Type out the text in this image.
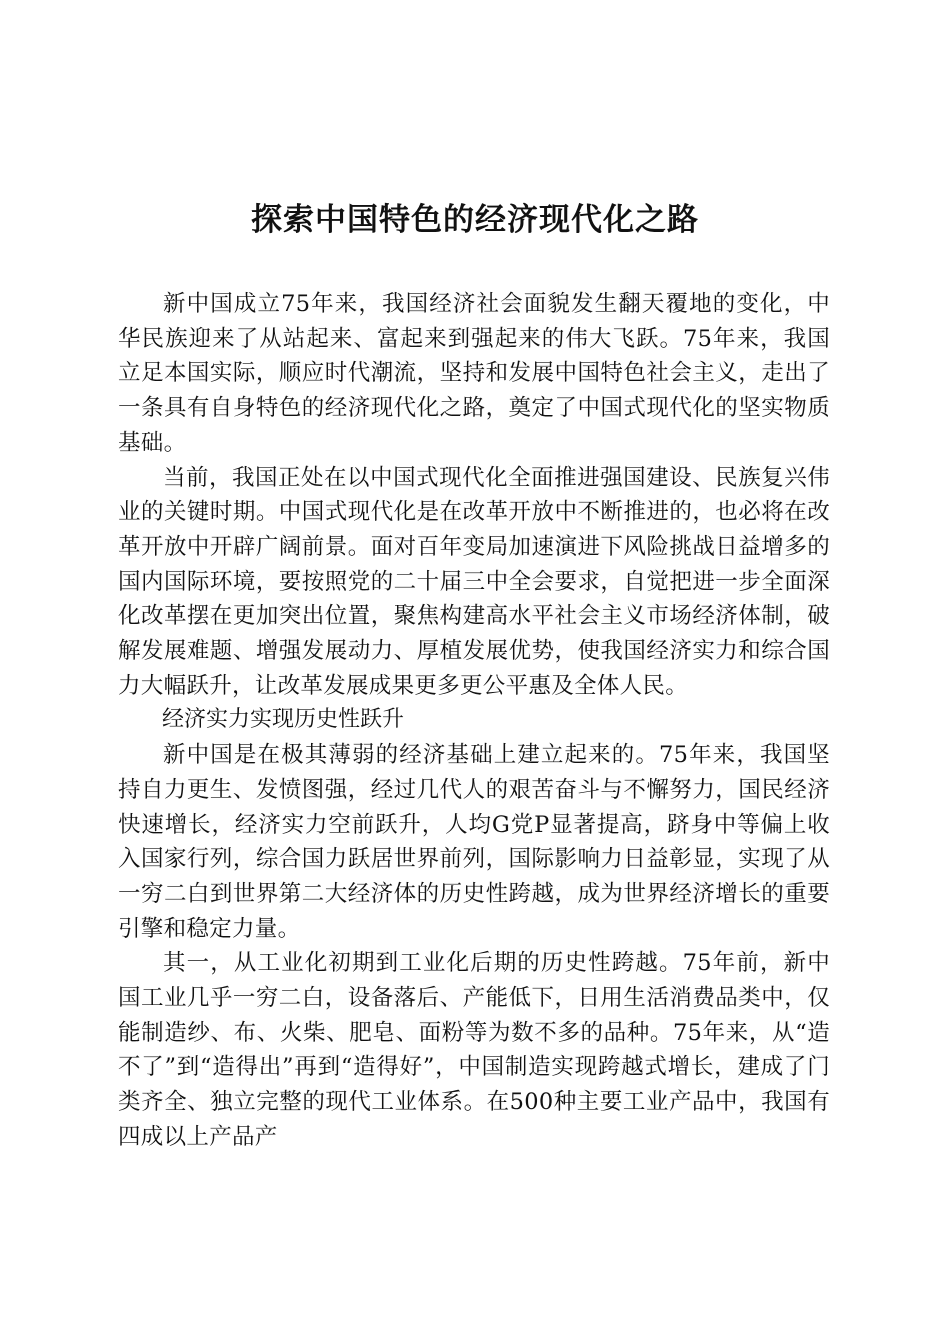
探索中国特色的经济现代化之路

新中国成立75年来，我国经济社会面貌发生翻天覆地的变化，中华民族迎来了从站起来、富起来到强起来的伟大飞跃。75年来，我国立足本国实际，顺应时代潮流，坚持和发展中国特色社会主义，走出了一条具有自身特色的经济现代化之路，奠定了中国式现代化的坚实物质基础。

当前，我国正处在以中国式现代化全面推进强国建设、民族复兴伟业的关键时期。中国式现代化是在改革开放中不断推进的，也必将在改革开放中开辟广阔前景。面对百年变局加速演进下风险挑战日益增多的国内国际环境，要按照党的二十届三中全会要求，自觉把进一步全面深化改革摆在更加突出位置，聚焦构建高水平社会主义市场经济体制，破解发展难题、增强发展动力、厚植发展优势，使我国经济实力和综合国力大幅跃升，让改革发展成果更多更公平惠及全体人民。

经济实力实现历史性跃升

新中国是在极其薄弱的经济基础上建立起来的。75年来，我国坚持自力更生、发愤图强，经过几代人的艰苦奋斗与不懈努力，国民经济快速增长，经济实力空前跃升，人均G党P显著提高，跻身中等偏上收入国家行列，综合国力跃居世界前列，国际影响力日益彰显，实现了从一穷二白到世界第二大经济体的历史性跨越，成为世界经济增长的重要引擎和稳定力量。

其一，从工业化初期到工业化后期的历史性跨越。75年前，新中国工业几乎一穷二白，设备落后、产能低下，日用生活消费品类中，仅能制造纱、布、火柴、肥皂、面粉等为数不多的品种。75年来，从“造不了”到“造得出”再到“造得好”，中国制造实现跨越式增长，建成了门类齐全、独立完整的现代工业体系。在500种主要工业产品中，我国有四成以上产品产
